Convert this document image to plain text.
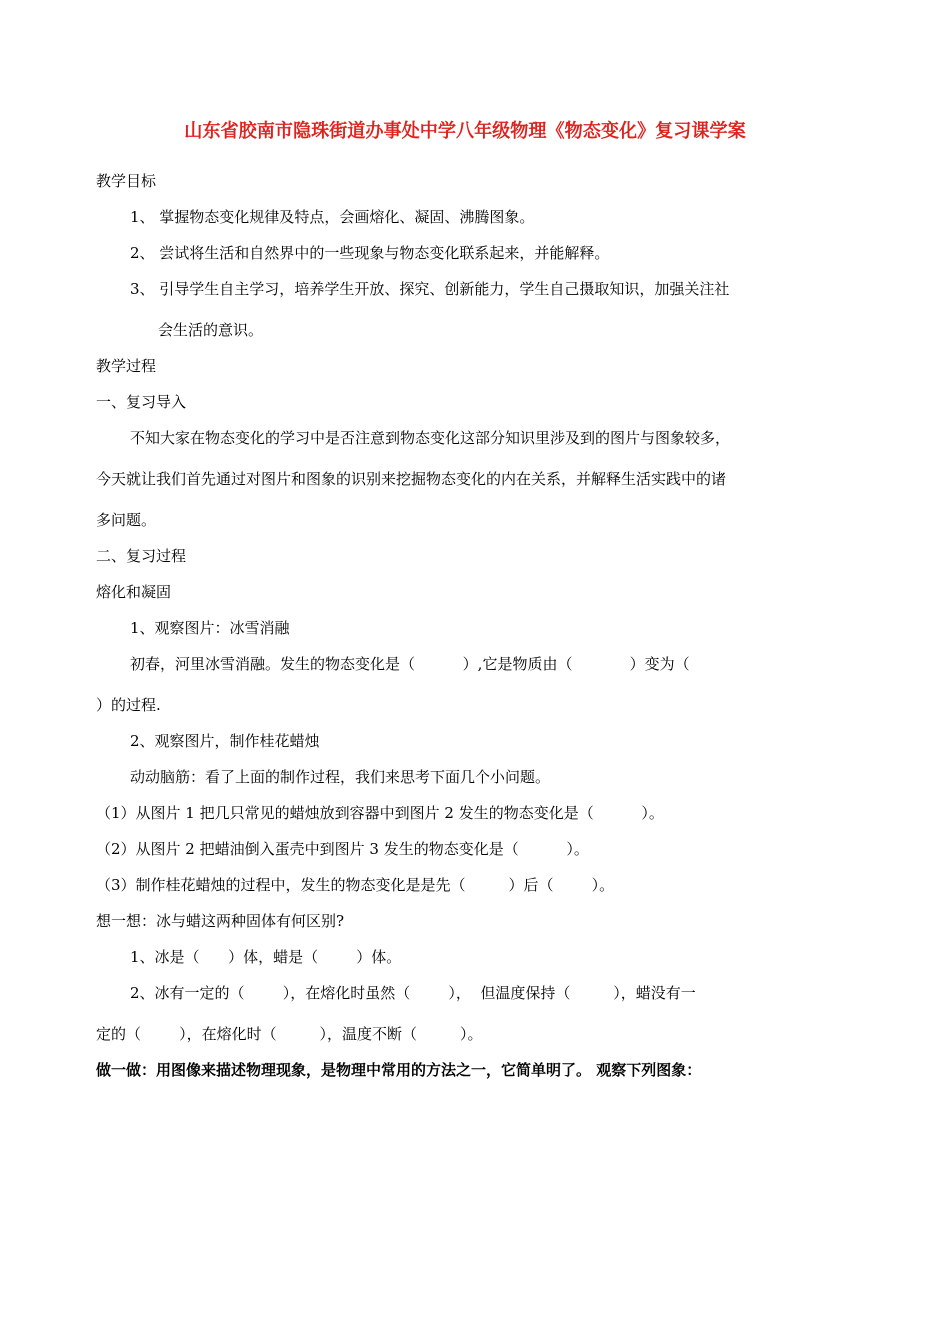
山东省胶南市隐珠街道办事处中学八年级物理《物态变化》复习课学案
教学目标
1、 掌握物态变化规律及特点，会画熔化、凝固、沸腾图象。
2、 尝试将生活和自然界中的一些现象与物态变化联系起来，并能解释。
3、 引导学生自主学习，培养学生开放、探究、创新能力，学生自己摄取知识，加强关注社
会生活的意识。
教学过程
一、复习导入
不知大家在物态变化的学习中是否注意到物态变化这部分知识里涉及到的图片与图象较多，
今天就让我们首先通过对图片和图象的识别来挖掘物态变化的内在关系，并解释生活实践中的诸
多问题。
二、复习过程
熔化和凝固
1、观察图片：冰雪消融
初春，河里冰雪消融。发生的物态变化是（          ）,它是物质由（            ）变为（
）的过程.
2、观察图片，制作桂花蜡烛
动动脑筋：看了上面的制作过程，我们来思考下面几个小问题。
（1）从图片 1 把几只常见的蜡烛放到容器中到图片 2 发生的物态变化是（          ）。
（2）从图片 2 把蜡油倒入蛋壳中到图片 3 发生的物态变化是（          ）。
（3）制作桂花蜡烛的过程中，发生的物态变化是是先（         ）后（        ）。
想一想：冰与蜡这两种固体有何区别?
1、冰是（      ）体，蜡是（        ）体。
2、冰有一定的（        ），在熔化时虽然（        ），  但温度保持（         ），蜡没有一
定的（        ），在熔化时（         ），温度不断（         ）。
做一做：用图像来描述物理现象，是物理中常用的方法之一，它简单明了。 观察下列图象：
